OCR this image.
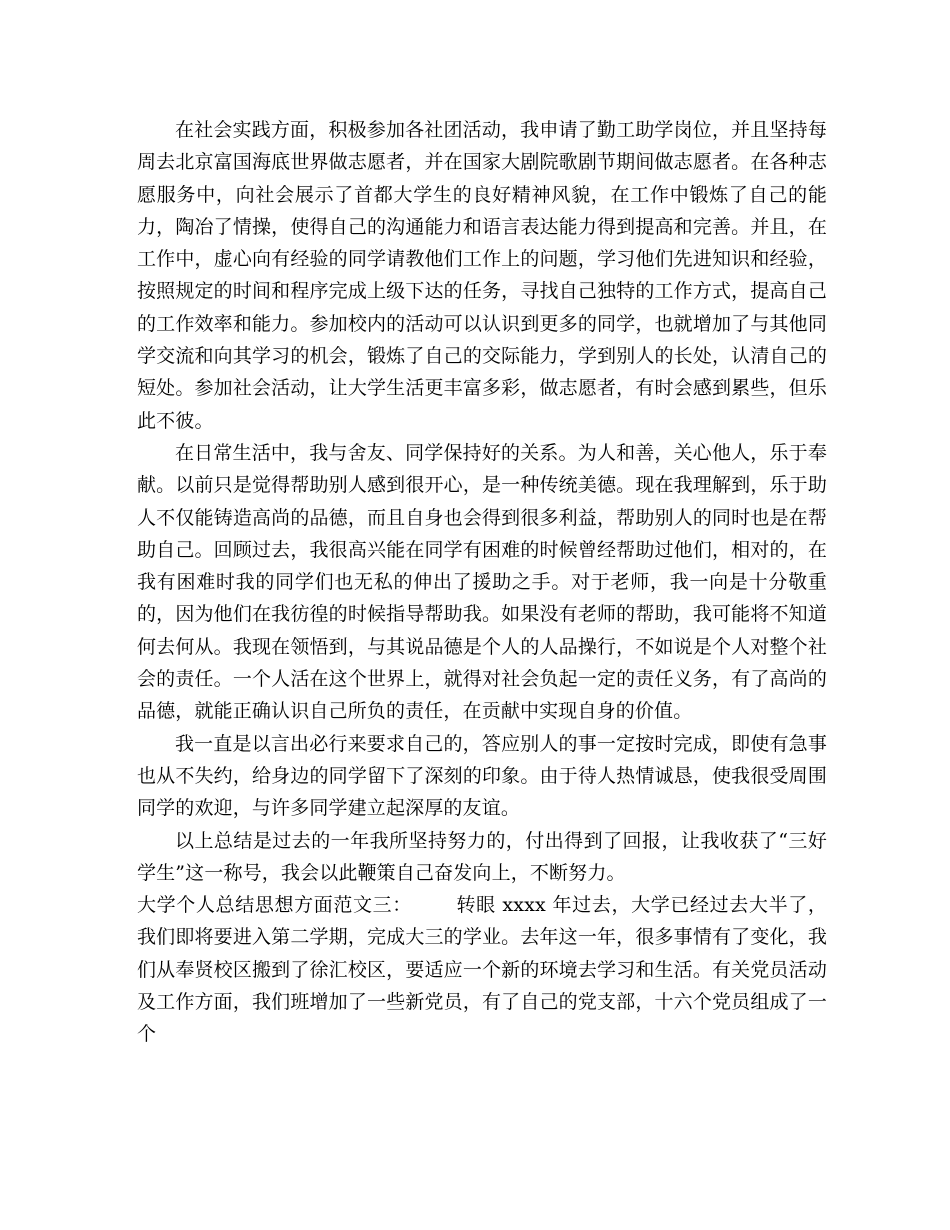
在社会实践方面，积极参加各社团活动，我申请了勤工助学岗位，并且坚持每周去北京富国海底世界做志愿者，并在国家大剧院歌剧节期间做志愿者。在各种志愿服务中，向社会展示了首都大学生的良好精神风貌，在工作中锻炼了自己的能力，陶冶了情操，使得自己的沟通能力和语言表达能力得到提高和完善。并且，在工作中，虚心向有经验的同学请教他们工作上的问题，学习他们先进知识和经验，按照规定的时间和程序完成上级下达的任务，寻找自己独特的工作方式，提高自己的工作效率和能力。参加校内的活动可以认识到更多的同学，也就增加了与其他同学交流和向其学习的机会，锻炼了自己的交际能力，学到别人的长处，认清自己的短处。参加社会活动，让大学生活更丰富多彩，做志愿者，有时会感到累些，但乐此不彼。

在日常生活中，我与舍友、同学保持好的关系。为人和善，关心他人，乐于奉献。以前只是觉得帮助别人感到很开心，是一种传统美德。现在我理解到，乐于助人不仅能铸造高尚的品德，而且自身也会得到很多利益，帮助别人的同时也是在帮助自己。回顾过去，我很高兴能在同学有困难的时候曾经帮助过他们，相对的，在我有困难时我的同学们也无私的伸出了援助之手。对于老师，我一向是十分敬重的，因为他们在我彷徨的时候指导帮助我。如果没有老师的帮助，我可能将不知道何去何从。我现在领悟到，与其说品德是个人的人品操行，不如说是个人对整个社会的责任。一个人活在这个世界上，就得对社会负起一定的责任义务，有了高尚的品德，就能正确认识自己所负的责任，在贡献中实现自身的价值。

我一直是以言出必行来要求自己的，答应别人的事一定按时完成，即使有急事也从不失约，给身边的同学留下了深刻的印象。由于待人热情诚恳，使我很受周围同学的欢迎，与许多同学建立起深厚的友谊。

以上总结是过去的一年我所坚持努力的，付出得到了回报，让我收获了“三好学生”这一称号，我会以此鞭策自己奋发向上，不断努力。

大学个人总结思想方面范文三： 转眼 xxxx 年过去，大学已经过去大半了，我们即将要进入第二学期，完成大三的学业。去年这一年，很多事情有了变化，我们从奉贤校区搬到了徐汇校区，要适应一个新的环境去学习和生活。有关党员活动及工作方面，我们班增加了一些新党员，有了自己的党支部，十六个党员组成了一个
